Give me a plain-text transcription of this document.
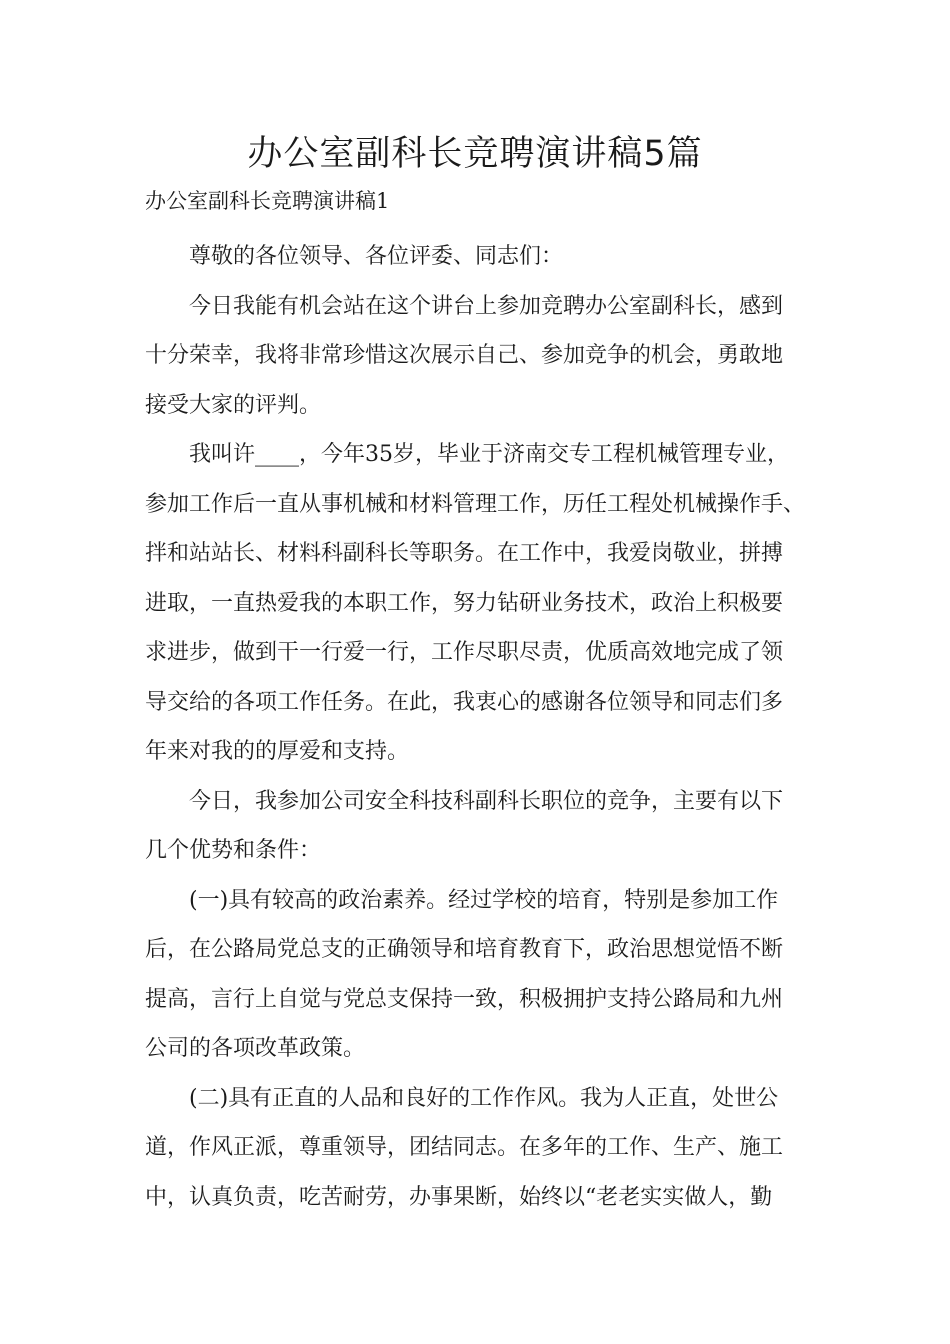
办公室副科长竞聘演讲稿5篇

办公室副科长竞聘演讲稿1

尊敬的各位领导、各位评委、同志们：

今日我能有机会站在这个讲台上参加竞聘办公室副科长，感到
十分荣幸，我将非常珍惜这次展示自己、参加竞争的机会，勇敢地
接受大家的评判。

我叫许____，今年35岁，毕业于济南交专工程机械管理专业，
参加工作后一直从事机械和材料管理工作，历任工程处机械操作手、
拌和站站长、材料科副科长等职务。在工作中，我爱岗敬业，拼搏
进取，一直热爱我的本职工作，努力钻研业务技术，政治上积极要
求进步，做到干一行爱一行，工作尽职尽责，优质高效地完成了领
导交给的各项工作任务。在此，我衷心的感谢各位领导和同志们多
年来对我的的厚爱和支持。

今日，我参加公司安全科技科副科长职位的竞争，主要有以下
几个优势和条件：

(一)具有较高的政治素养。经过学校的培育，特别是参加工作
后，在公路局党总支的正确领导和培育教育下，政治思想觉悟不断
提高，言行上自觉与党总支保持一致，积极拥护支持公路局和九州
公司的各项改革政策。

(二)具有正直的人品和良好的工作作风。我为人正直，处世公
道，作风正派，尊重领导，团结同志。在多年的工作、生产、施工
中，认真负责，吃苦耐劳，办事果断，始终以“老老实实做人，勤
